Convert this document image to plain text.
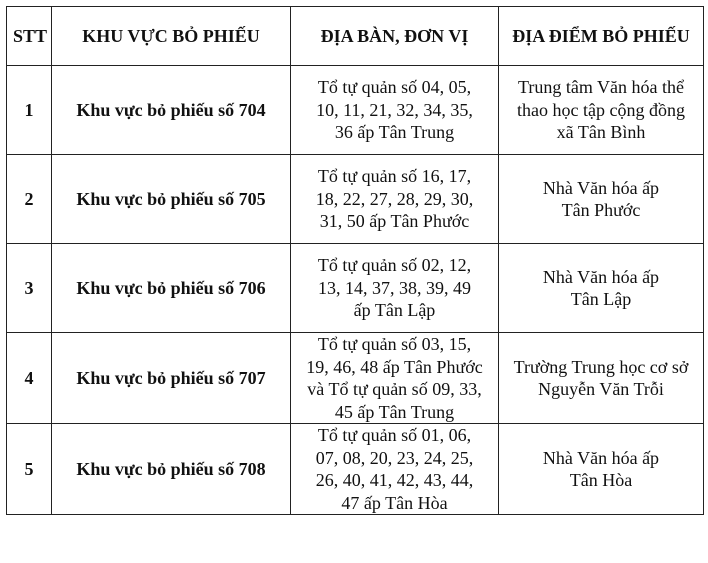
STT	KHU VỰC BỎ PHIẾU	ĐỊA BÀN, ĐƠN VỊ	ĐỊA ĐIỂM BỎ PHIẾU
1	Khu vực bỏ phiếu số 704	Tổ tự quản số 04, 05,
10, 11, 21, 32, 34, 35,
36 ấp Tân Trung	Trung tâm Văn hóa thể
thao học tập cộng đồng
xã Tân Bình

2	Khu vực bỏ phiếu số 705	Tổ tự quản số 16, 17,
18, 22, 27, 28, 29, 30,
31, 50 ấp Tân Phước	Nhà Văn hóa ấp
Tân Phước

3	Khu vực bỏ phiếu số 706	Tổ tự quản số 02, 12,
13, 14, 37, 38, 39, 49
ấp Tân Lập	Nhà Văn hóa ấp
Tân Lập

4	Khu vực bỏ phiếu số 707	Tổ tự quản số 03, 15,
19, 46, 48 ấp Tân Phước
và Tổ tự quản số 09, 33,
45 ấp Tân Trung	Trường Trung học cơ sở
Nguyễn Văn Trỗi

5	Khu vực bỏ phiếu số 708	Tổ tự quản số 01, 06,
07, 08, 20, 23, 24, 25,
26, 40, 41, 42, 43, 44,
47 ấp Tân Hòa	Nhà Văn hóa ấp
Tân Hòa
